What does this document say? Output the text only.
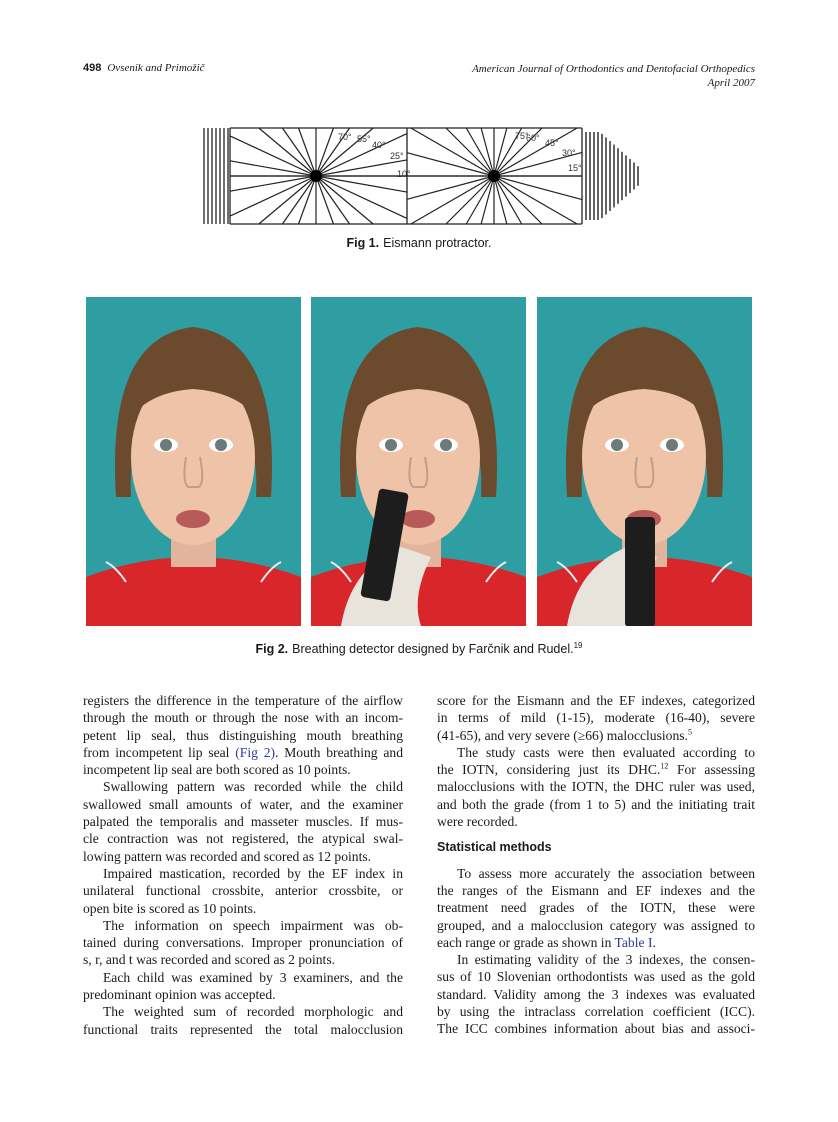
498 Ovsenik and Primožič	American Journal of Orthodontics and Dentofacial Orthopedics
April 2007
70° 55°
40°
25°
10°
75°
60° 45°
30°
15°
Fig 1. Eismann protractor.
Fig 2. Breathing detector designed by Farčnik and Rudel.$^{19}$
registers the difference in the temperature of the airflow
through the mouth or through the nose with an incom-
petent lip seal, thus distinguishing mouth breathing
from incompetent lip seal (Fig 2). Mouth breathing and
incompetent lip seal are both scored as 10 points.
Swallowing pattern was recorded while the child
swallowed small amounts of water, and the examiner
palpated the temporalis and masseter muscles. If mus-
cle contraction was not registered, the atypical swal-
lowing pattern was recorded and scored as 12 points.
Impaired mastication, recorded by the EF index in
unilateral functional crossbite, anterior crossbite, or
open bite is scored as 10 points.
The information on speech impairment was ob-
tained during conversations. Improper pronunciation of
s, r, and t was recorded and scored as 2 points.
Each child was examined by 3 examiners, and the
predominant opinion was accepted.
The weighted sum of recorded morphologic and
functional traits represented the total malocclusion
score for the Eismann and the EF indexes, categorized
in terms of mild (1-15), moderate (16-40), severe
(41-65), and very severe (≥66) malocclusions.$^5$
The study casts were then evaluated according to
the IOTN, considering just its DHC.$^{12}$ For assessing
malocclusions with the IOTN, the DHC ruler was used,
and both the grade (from 1 to 5) and the initiating trait
were recorded.
Statistical methods
To assess more accurately the association between
the ranges of the Eismann and EF indexes and the
treatment need grades of the IOTN, these were
grouped, and a malocclusion category was assigned to
each range or grade as shown in Table I.
In estimating validity of the 3 indexes, the consen-
sus of 10 Slovenian orthodontists was used as the gold
standard. Validity among the 3 indexes was evaluated
by using the intraclass correlation coefficient (ICC).
The ICC combines information about bias and associ-
